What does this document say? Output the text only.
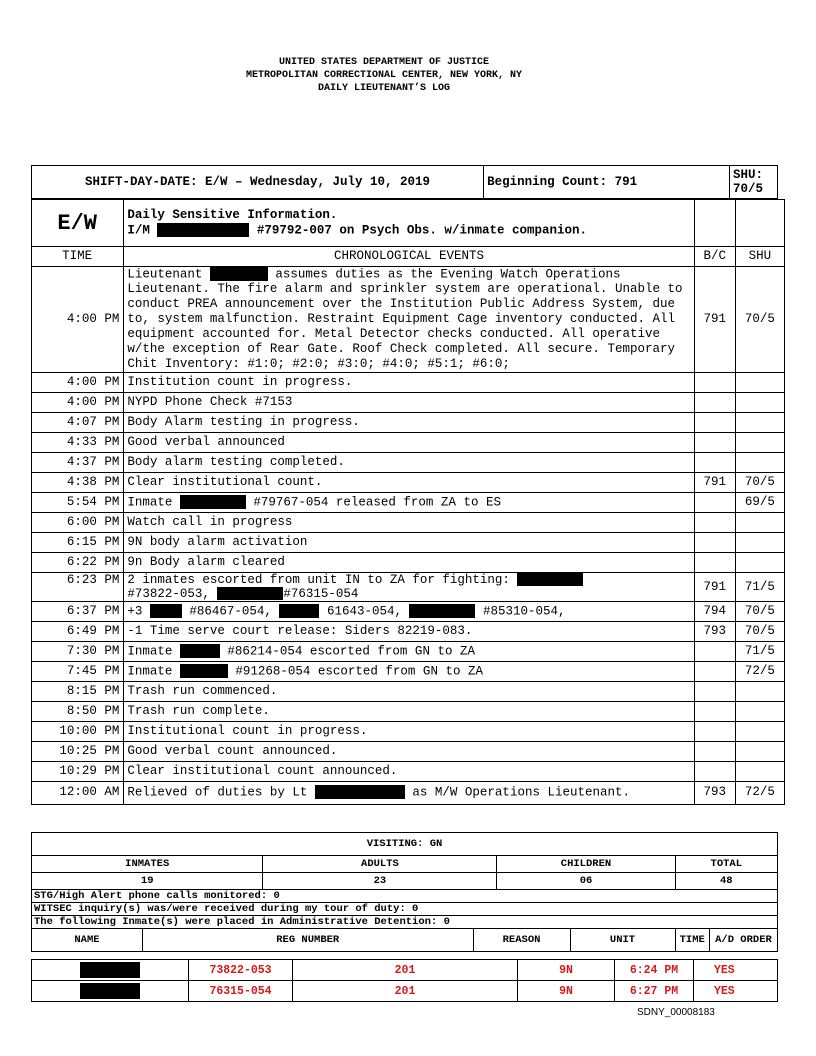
UNITED STATES DEPARTMENT OF JUSTICE
METROPOLITAN CORRECTIONAL CENTER, NEW YORK, NY
DAILY LIEUTENANT’S LOG
SHIFT-DAY-DATE: E/W – Wednesday, July 10, 2019	Beginning Count: 791	SHU:
70/5
E/W	Daily Sensitive Information.
I/M #79792-007 on Psych Obs. w/inmate companion.		

TIME	CHRONOLOGICAL EVENTS	B/C	SHU
4:00 PM	Lieutenant assumes duties as the Evening Watch Operations Lieutenant. The fire alarm and sprinkler system are operational. Unable to conduct PREA announcement over the Institution Public Address System, due to, system malfunction. Restraint Equipment Cage inventory conducted. All equipment accounted for. Metal Detector checks conducted. All operative w/the exception of Rear Gate. Roof Check completed. All secure. Temporary Chit Inventory: #1:0; #2:0; #3:0; #4:0; #5:1; #6:0;	791	70/5
4:00 PM	Institution count in progress.		
4:00 PM	NYPD Phone Check #7153		
4:07 PM	Body Alarm testing in progress.		
4:33 PM	Good verbal announced		
4:37 PM	Body alarm testing completed.		
4:38 PM	Clear institutional count.	791	70/5
5:54 PM	Inmate #79767-054 released from ZA to ES		69/5
6:00 PM	Watch call in progress		
6:15 PM	9N body alarm activation		
6:22 PM	9n Body alarm cleared		
6:23 PM	2 inmates escorted from unit IN to ZA for fighting:
#73822-053, #76315-054	791	71/5
6:37 PM	+3 #86467-054, 61643-054, #85310-054,	794	70/5
6:49 PM	-1 Time serve court release: Siders 82219-083.	793	70/5
7:30 PM	Inmate #86214-054 escorted from GN to ZA		71/5
7:45 PM	Inmate #91268-054 escorted from GN to ZA		72/5
8:15 PM	Trash run commenced.		
8:50 PM	Trash run complete.		
10:00 PM	Institutional count in progress.		
10:25 PM	Good verbal count announced.		
10:29 PM	Clear institutional count announced.		
12:00 AM	Relieved of duties by Lt as M/W Operations Lieutenant.	793	72/5
VISITING: GN							
INMATES		ADULTS		CHILDREN		TOTAL	
19		23		06		48	
STG/High Alert phone calls monitored: 0							
WITSEC inquiry(s) was/were received during my tour of duty: 0							
The following Inmate(s) were placed in Administrative Detention: 0							
NAME	REG NUMBER		REASON		UNIT	TIME	A/D ORDER
	73822-053	201	9N	6:24 PM	YES
	76315-054	201	9N	6:27 PM	YES
SDNY_00008183
